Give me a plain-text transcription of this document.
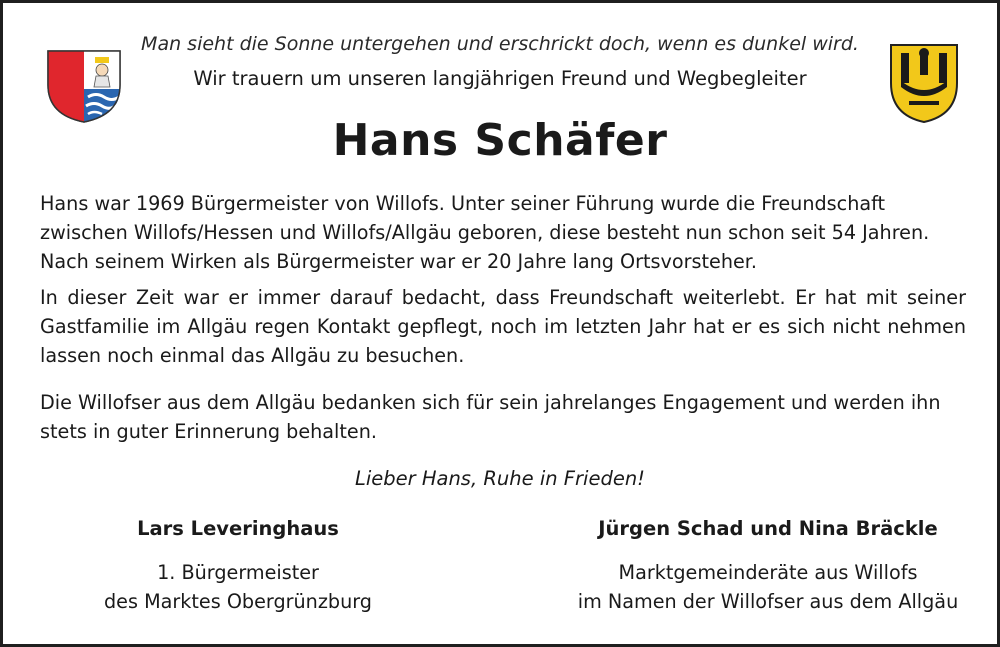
Man sieht die Sonne untergehen und erschrickt doch, wenn es dunkel wird.
Wir trauern um unseren langjährigen Freund und Wegbegleiter
Hans Schäfer

Hans war 1969 Bürgermeister von Willofs. Unter seiner Führung wurde die Freundschaft zwischen Willofs/Hessen und Willofs/Allgäu geboren, diese besteht nun schon seit 54 Jahren. Nach seinem Wirken als Bürgermeister war er 20 Jahre lang Ortsvorsteher.

In dieser Zeit war er immer darauf bedacht, dass Freundschaft weiterlebt. Er hat mit seiner Gastfamilie im Allgäu regen Kontakt gepflegt, noch im letzten Jahr hat er es sich nicht nehmen lassen noch einmal das Allgäu zu besuchen.

Die Willofser aus dem Allgäu bedanken sich für sein jahrelanges Engagement und werden ihn stets in guter Erinnerung behalten.

Lieber Hans, Ruhe in Frieden!
Lars Leveringhaus
1. Bürgermeister
des Marktes Obergrünzburg
Jürgen Schad und Nina Bräckle
Marktgemeinderäte aus Willofs
im Namen der Willofser aus dem Allgäu
